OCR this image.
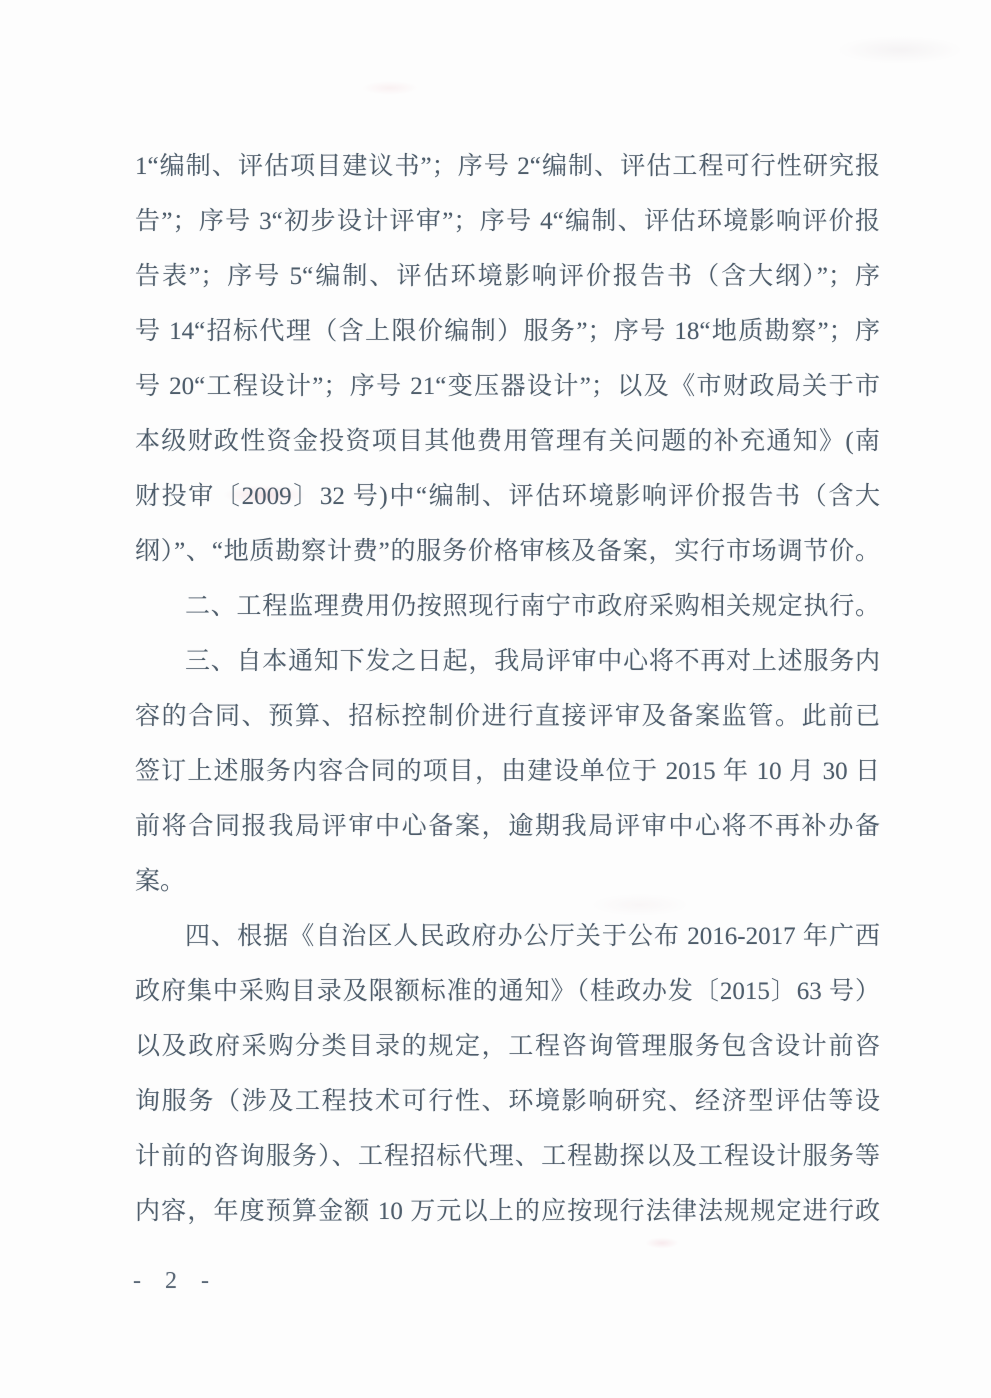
1“编制、评估项目建议书”；序号 2“编制、评估工程可行性研究报
告”；序号 3“初步设计评审”；序号 4“编制、评估环境影响评价报
告表”；序号 5“编制、评估环境影响评价报告书（含大纲）”；序
号 14“招标代理（含上限价编制）服务”；序号 18“地质勘察”；序
号 20“工程设计”；序号 21“变压器设计”；以及《市财政局关于市
本级财政性资金投资项目其他费用管理有关问题的补充通知》(南
财投审〔2009〕32 号)中“编制、评估环境影响评价报告书（含大
纲）”、“地质勘察计费”的服务价格审核及备案，实行市场调节价。
二、工程监理费用仍按照现行南宁市政府采购相关规定执行。
三、自本通知下发之日起，我局评审中心将不再对上述服务内
容的合同、预算、招标控制价进行直接评审及备案监管。此前已
签订上述服务内容合同的项目，由建设单位于 2015 年 10 月 30 日
前将合同报我局评审中心备案，逾期我局评审中心将不再补办备
案。
四、根据《自治区人民政府办公厅关于公布 2016-2017 年广西
政府集中采购目录及限额标准的通知》（桂政办发〔2015〕63 号）
以及政府采购分类目录的规定，工程咨询管理服务包含设计前咨
询服务（涉及工程技术可行性、环境影响研究、经济型评估等设
计前的咨询服务）、工程招标代理、工程勘探以及工程设计服务等
内容，年度预算金额 10 万元以上的应按现行法律法规规定进行政
- 2 -
